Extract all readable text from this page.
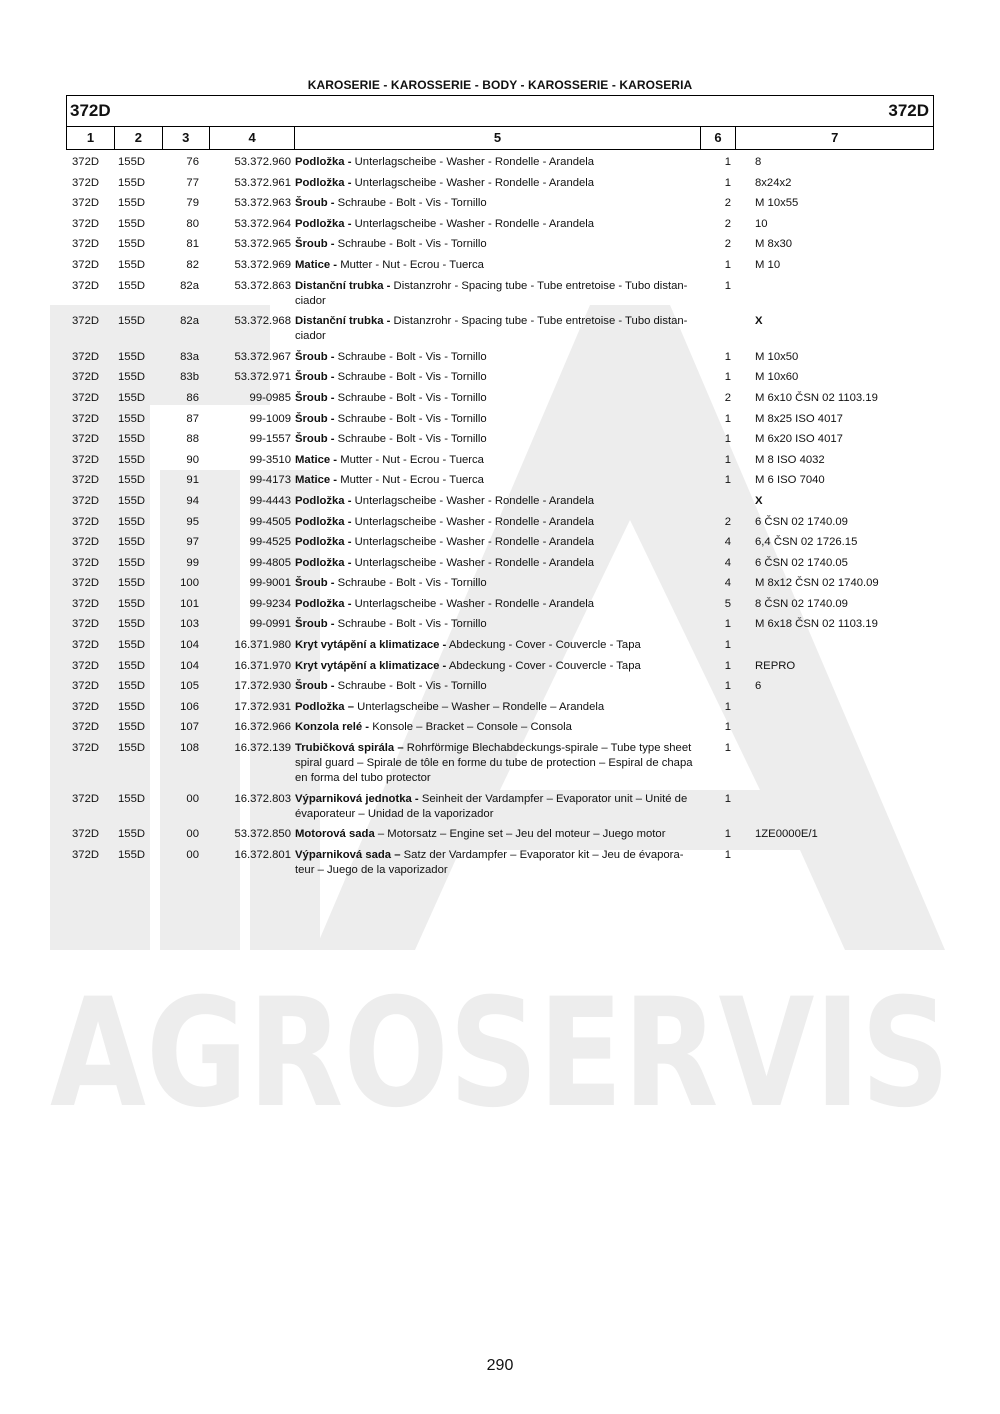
AGROSERVIS
KAROSERIE - KAROSSERIE - BODY - KAROSSERIE - KAROSERIA
372D	372D
1	2	3	4	5	6	7
372D	155D	76	53.372.960	Podložka - Unterlagscheibe - Washer - Rondelle - Arandela	1	8
372D	155D	77	53.372.961	Podložka - Unterlagscheibe - Washer - Rondelle - Arandela	1	8x24x2
372D	155D	79	53.372.963	Šroub - Schraube - Bolt - Vis - Tornillo	2	M 10x55
372D	155D	80	53.372.964	Podložka - Unterlagscheibe - Washer - Rondelle - Arandela	2	10
372D	155D	81	53.372.965	Šroub - Schraube - Bolt - Vis - Tornillo	2	M 8x30
372D	155D	82	53.372.969	Matice - Mutter - Nut - Ecrou - Tuerca	1	M 10
372D	155D	82a	53.372.863	Distanční trubka - Distanzrohr - Spacing tube - Tube entretoise - Tubo distan-ciador	1	
372D	155D	82a	53.372.968	Distanční trubka - Distanzrohr - Spacing tube - Tube entretoise - Tubo distan-ciador		X
372D	155D	83a	53.372.967	Šroub - Schraube - Bolt - Vis - Tornillo	1	M 10x50
372D	155D	83b	53.372.971	Šroub - Schraube - Bolt - Vis - Tornillo	1	M 10x60
372D	155D	86	99-0985	Šroub - Schraube - Bolt - Vis - Tornillo	2	M 6x10 ČSN 02 1103.19
372D	155D	87	99-1009	Šroub - Schraube - Bolt - Vis - Tornillo	1	M 8x25 ISO 4017
372D	155D	88	99-1557	Šroub - Schraube - Bolt - Vis - Tornillo	1	M 6x20 ISO 4017
372D	155D	90	99-3510	Matice - Mutter - Nut - Ecrou - Tuerca	1	M 8 ISO 4032
372D	155D	91	99-4173	Matice - Mutter - Nut - Ecrou - Tuerca	1	M 6 ISO 7040
372D	155D	94	99-4443	Podložka - Unterlagscheibe - Washer - Rondelle - Arandela		X
372D	155D	95	99-4505	Podložka - Unterlagscheibe - Washer - Rondelle - Arandela	2	6 ČSN 02 1740.09
372D	155D	97	99-4525	Podložka - Unterlagscheibe - Washer - Rondelle - Arandela	4	6,4 ČSN 02 1726.15
372D	155D	99	99-4805	Podložka - Unterlagscheibe - Washer - Rondelle - Arandela	4	6 ČSN 02 1740.05
372D	155D	100	99-9001	Šroub - Schraube - Bolt - Vis - Tornillo	4	M 8x12 ČSN 02 1740.09
372D	155D	101	99-9234	Podložka - Unterlagscheibe - Washer - Rondelle - Arandela	5	8 ČSN 02 1740.09
372D	155D	103	99-0991	Šroub - Schraube - Bolt - Vis - Tornillo	1	M 6x18 ČSN 02 1103.19
372D	155D	104	16.371.980	Kryt vytápění a klimatizace - Abdeckung - Cover - Couvercle - Tapa	1	
372D	155D	104	16.371.970	Kryt vytápění a klimatizace - Abdeckung - Cover - Couvercle - Tapa	1	REPRO
372D	155D	105	17.372.930	Šroub - Schraube - Bolt - Vis - Tornillo	1	6
372D	155D	106	17.372.931	Podložka – Unterlagscheibe – Washer – Rondelle – Arandela	1	
372D	155D	107	16.372.966	Konzola relé - Konsole – Bracket – Console – Consola	1	
372D	155D	108	16.372.139	Trubičková spirála – Rohrförmige Blechabdeckungs-spirale – Tube type sheet spiral guard – Spirale de tôle en forme du tube de protection – Espiral de chapa en forma del tubo protector	1	
372D	155D	00	16.372.803	Výparniková jednotka - Seinheit der Vardampfer – Evaporator unit – Unité de évaporateur – Unidad de la vaporizador	1	
372D	155D	00	53.372.850	Motorová sada – Motorsatz – Engine set – Jeu del moteur – Juego motor	1	1ZE0000E/1
372D	155D	00	16.372.801	Výparniková sada – Satz der Vardampfer – Evaporator kit – Jeu de évapora-teur – Juego de la vaporizador	1	
290
